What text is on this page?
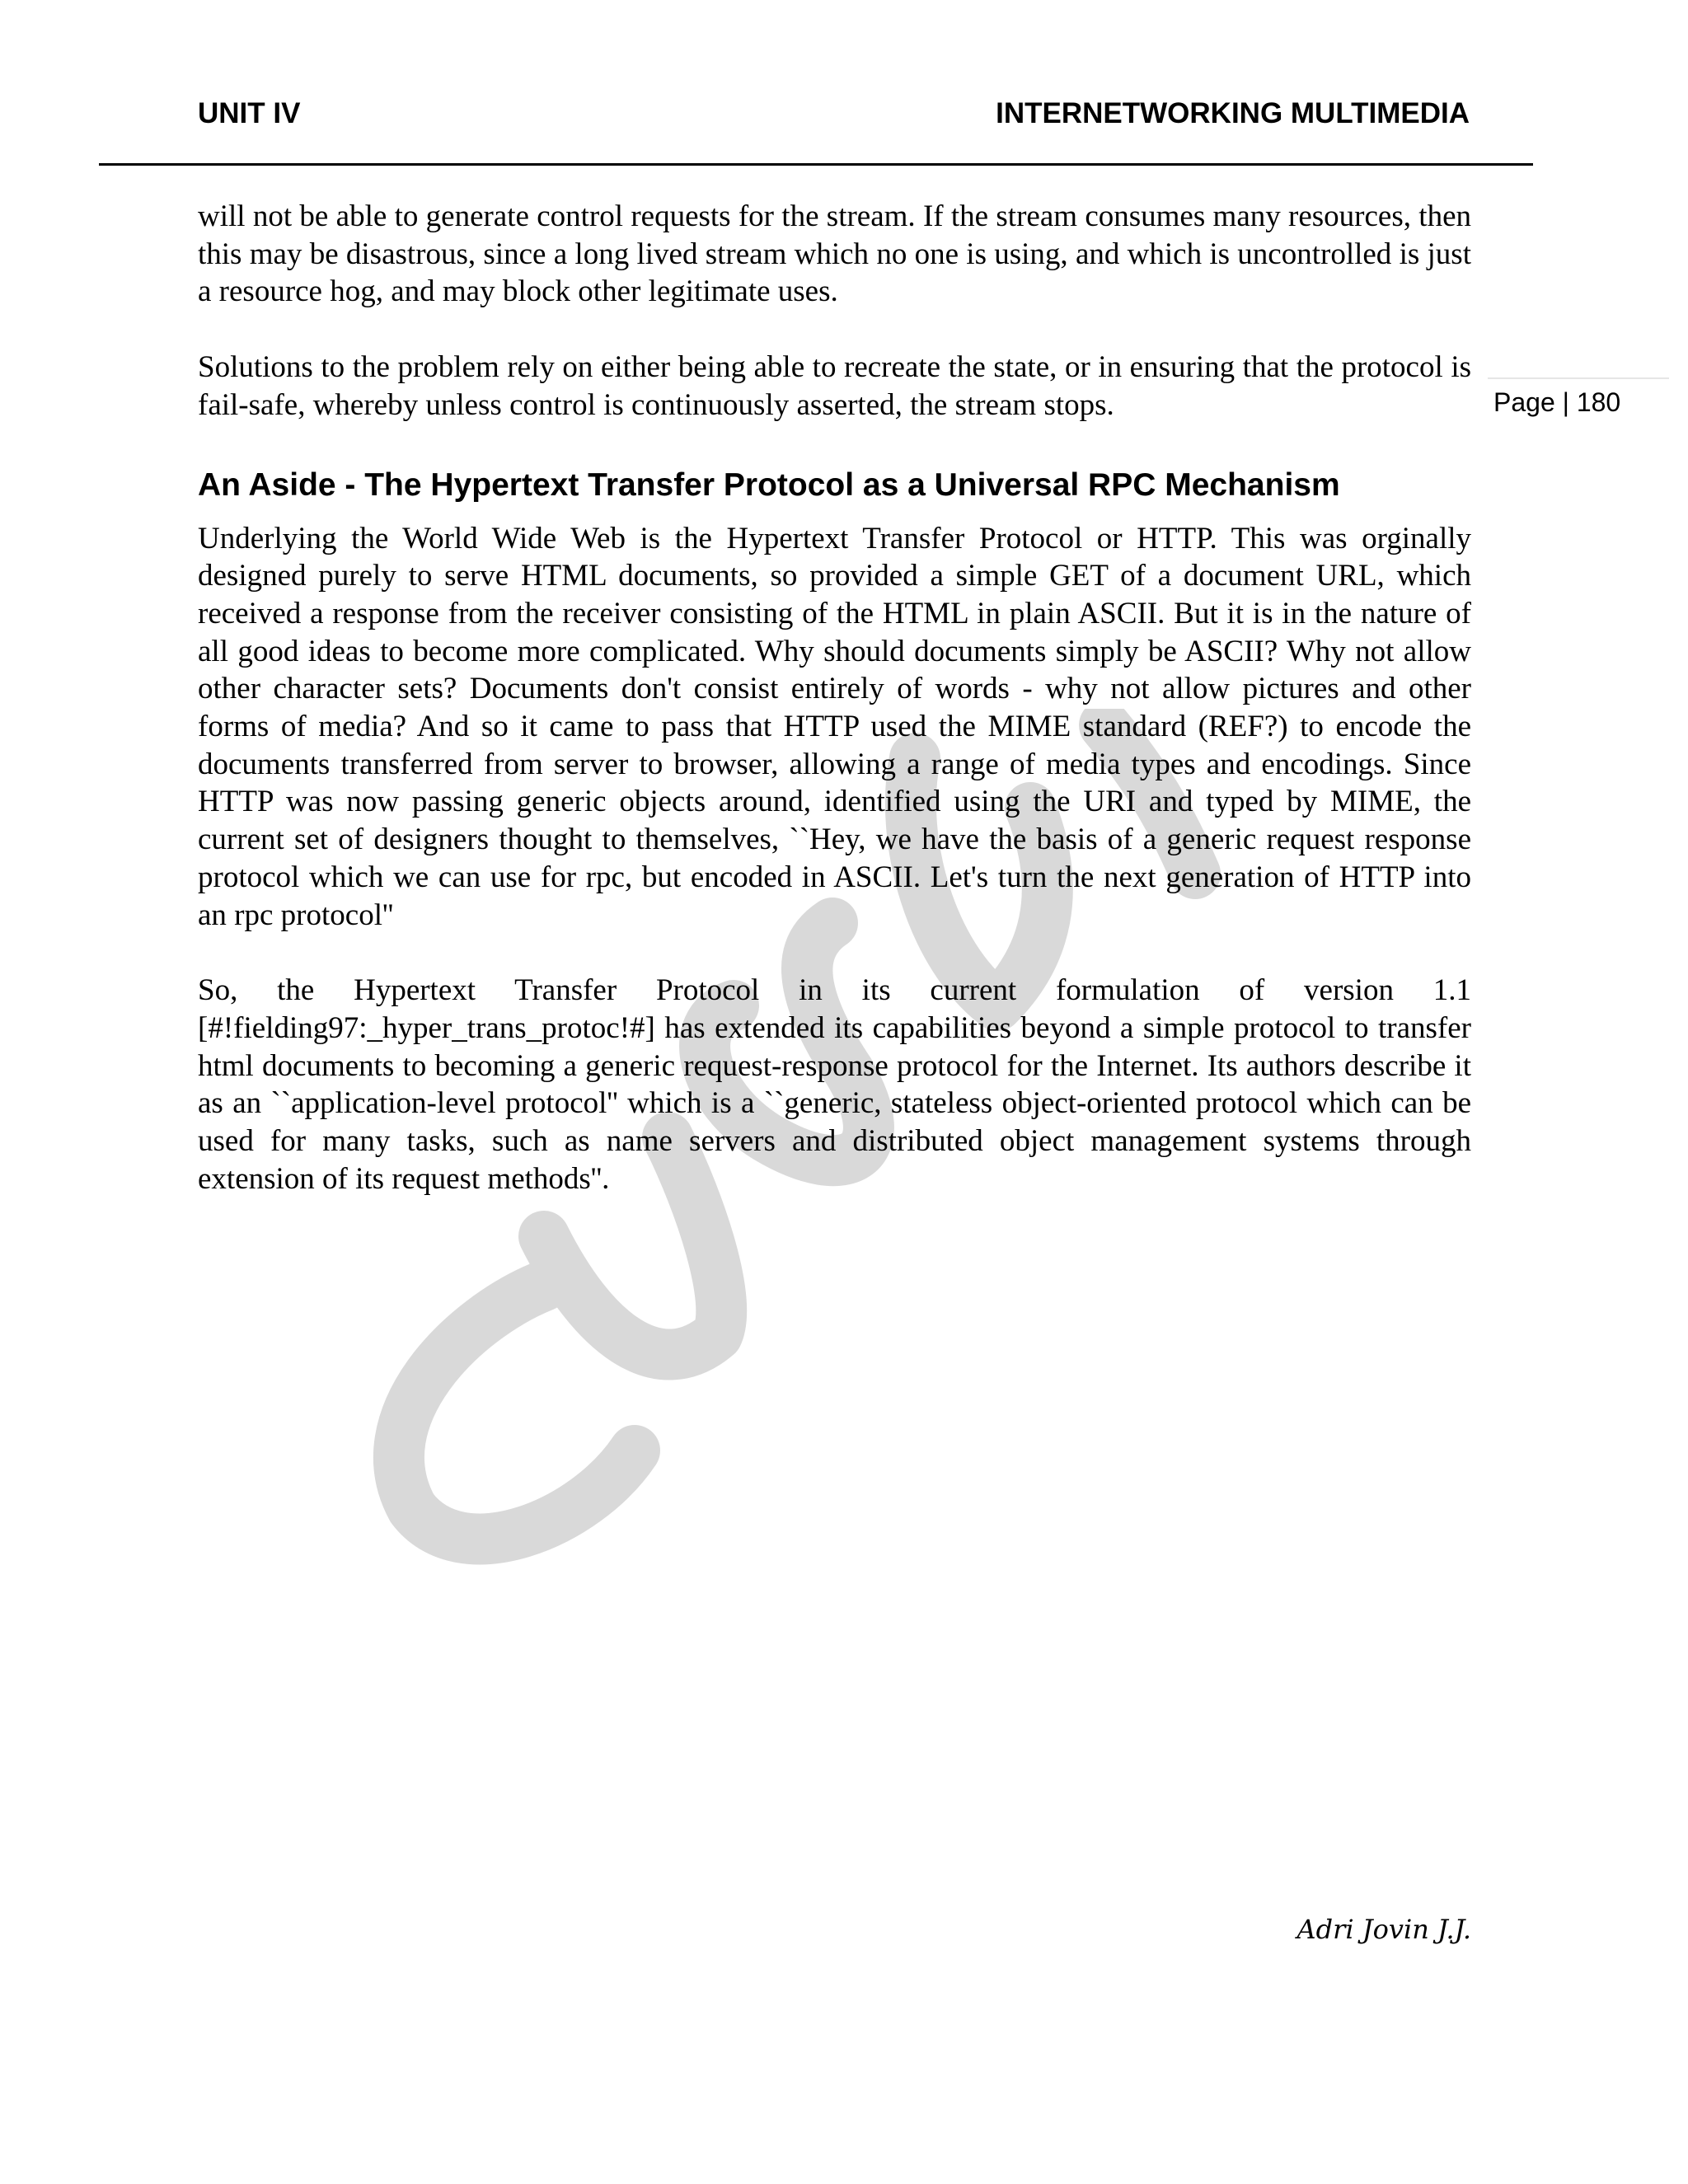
UNIT IV	INTERNETWORKING MULTIMEDIA
Page | 180

will not be able to generate control requests for the stream. If the stream consumes many resources, then this may be disastrous, since a long lived stream which no one is using, and which is uncontrolled is just a resource hog, and may block other legitimate uses.

Solutions to the problem rely on either being able to recreate the state, or in ensuring that the protocol is fail-safe, whereby unless control is continuously asserted, the stream stops.

An Aside - The Hypertext Transfer Protocol as a Universal RPC Mechanism

Underlying the World Wide Web is the Hypertext Transfer Protocol or HTTP. This was orginally designed purely to serve HTML documents, so provided a simple GET of a document URL, which received a response from the receiver consisting of the HTML in plain ASCII. But it is in the nature of all good ideas to become more complicated. Why should documents simply be ASCII? Why not allow other character sets? Documents don't consist entirely of words - why not allow pictures and other forms of media? And so it came to pass that HTTP used the MIME standard (REF?) to encode the documents transferred from server to browser, allowing a range of media types and encodings. Since HTTP was now passing generic objects around, identified using the URI and typed by MIME, the current set of designers thought to themselves, ``Hey, we have the basis of a generic request response protocol which we can use for rpc, but encoded in ASCII. Let's turn the next generation of HTTP into an rpc protocol''

So, the Hypertext Transfer Protocol in its current formulation of version 1.1 [#!fielding97:_hyper_trans_protoc!#] has extended its capabilities beyond a simple protocol to transfer html documents to becoming a generic request-response protocol for the Internet. Its authors describe it as an ``application-level protocol'' which is a ``generic, stateless object-oriented protocol which can be used for many tasks, such as name servers and distributed object management systems through extension of its request methods''.

Adri Jovin J.J.
